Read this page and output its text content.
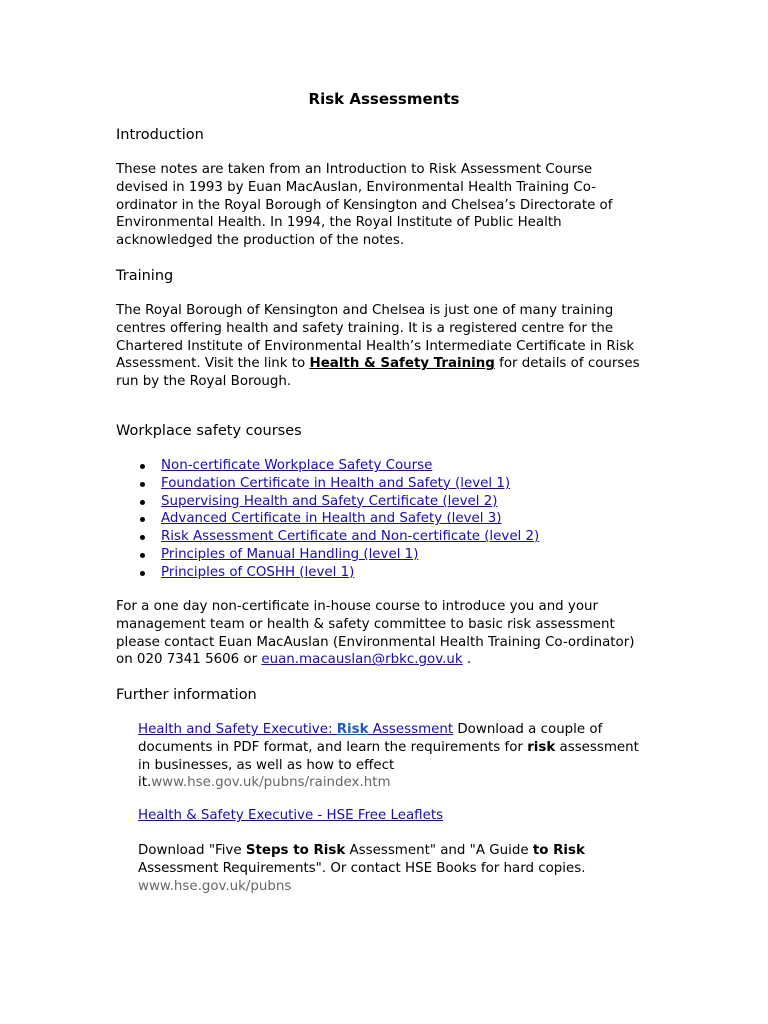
Risk Assessments
Introduction
These notes are taken from an Introduction to Risk Assessment Course
devised in 1993 by Euan MacAuslan, Environmental Health Training Co-
ordinator in the Royal Borough of Kensington and Chelsea’s Directorate of
Environmental Health. In 1994, the Royal Institute of Public Health
acknowledged the production of the notes.
Training
The Royal Borough of Kensington and Chelsea is just one of many training
centres offering health and safety training. It is a registered centre for the
Chartered Institute of Environmental Health’s Intermediate Certificate in Risk
Assessment. Visit the link to Health & Safety Training for details of courses
run by the Royal Borough.
Workplace safety courses
Non-certificate Workplace Safety Course
Foundation Certificate in Health and Safety (level 1)
Supervising Health and Safety Certificate (level 2)
Advanced Certificate in Health and Safety (level 3)
Risk Assessment Certificate and Non-certificate (level 2)
Principles of Manual Handling (level 1)
Principles of COSHH (level 1)
For a one day non-certificate in-house course to introduce you and your
management team or health & safety committee to basic risk assessment
please contact Euan MacAuslan (Environmental Health Training Co-ordinator)
on 020 7341 5606 or euan.macauslan@rbkc.gov.uk .
Further information
Health and Safety Executive: Risk Assessment Download a couple of
documents in PDF format, and learn the requirements for risk assessment
in businesses, as well as how to effect
it.www.hse.gov.uk/pubns/raindex.htm
Health & Safety Executive - HSE Free Leaflets
Download "Five Steps to Risk Assessment" and "A Guide to Risk
Assessment Requirements". Or contact HSE Books for hard copies.
www.hse.gov.uk/pubns
